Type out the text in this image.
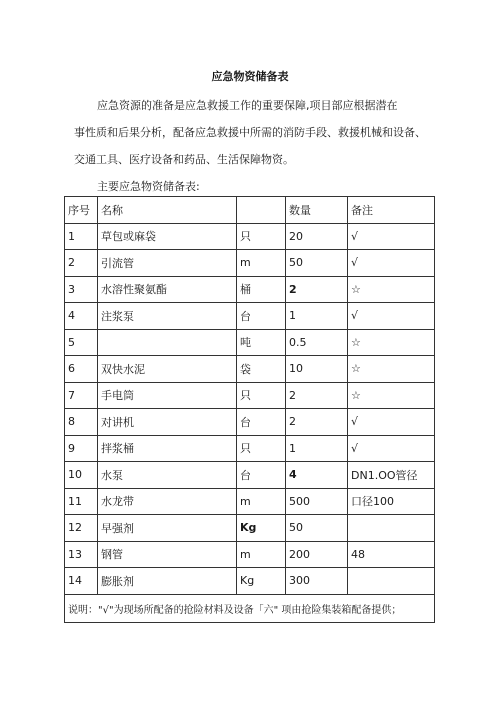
应急物资储备表
应急资源的准备是应急救援工作的重要保障,项目部应根据潜在
事性质和后果分析，配备应急救援中所需的消防手段、救援机械和设备、
交通工具、医疗设备和药品、生活保障物资。
主要应急物资储备表:
序号	名称		数量	备注
1	草包或麻袋	只	20	√
2	引流管	m	50	√
3	水溶性聚氨酯	桶	2	☆
4	注浆泵	台	1	√
5		吨	0.5	☆
6	双快水泥	袋	10	☆
7	手电筒	只	2	☆
8	对讲机	台	2	√
9	拌浆桶	只	1	√
10	水泵	台	4	DN1.OO管径
11	水龙带	m	500	口径100
12	早强剂	Kg	50	
13	钢管	m	200	48
14	膨胀剂	Kg	300	
说明："√"为现场所配备的抢险材料及设备「六" 项由抢险集装箱配备提供；				
